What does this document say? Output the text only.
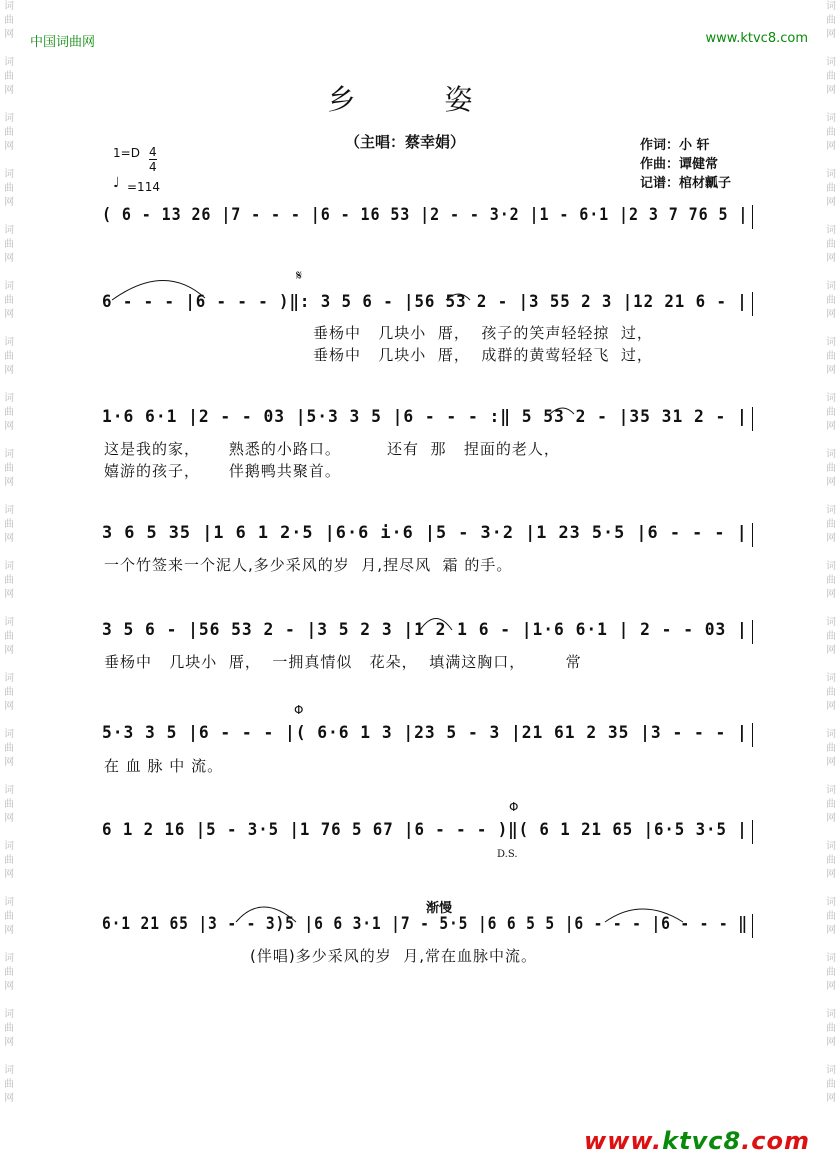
词
曲
网
词
曲
网
词
曲
网
词
曲
网
词
曲
网
词
曲
网
词
曲
网
词
曲
网
词
曲
网
词
曲
网
词
曲
网
词
曲
网
词
曲
网
词
曲
网
词
曲
网
词
曲
网
词
曲
网
词
曲
网
词
曲
网
词
曲
网
词
曲
网
词
曲
网
词
曲
网
词
曲
网
词
曲
网
词
曲
网
词
曲
网
词
曲
网
词
曲
网
词
曲
网
词
曲
网
词
曲
网
词
曲
网
词
曲
网
词
曲
网
词
曲
网
词
曲
网
词
曲
网
词
曲
网
词
曲
网
中国词曲网	www.ktvc8.com
乡 姿
（主唱：蔡幸娟）	作词：小 轩
作曲：谭健常
记谱：棺材瓤子
$1=D \frac{4}{4}$
♩ =114
( 6 - 13 26 |7 - - - |6 - 16 53 |2 - - 3·2 |1 - 6·1 |2 3 7 76 5 |
6 - - - |6 - - - )‖: 3 5 6 - |56 53 2 - |3 55 2 3 |12 21 6 - |
垂杨中   几块小  厝，  孩子的笑声轻轻掠  过，
垂杨中   几块小  厝，  成群的黄莺轻轻飞  过，
1·6 6·1 |2 - - 03 |5·3 3 5 |6 - - - :‖ 5 53 2 - |35 31 2 - |
这是我的家，     熟悉的小路口。        还有  那   捏面的老人，
嬉游的孩子，     伴鹅鸭共聚首。
3 6 5 35 |1 6 1 2·5 |6·6 i·6 |5 - 3·2 |1 23 5·5 |6 - - - |
一个竹签来一个泥人,多少采风的岁  月,捏尽风  霜 的手。
3 5 6 - |56 53 2 - |3 5 2 3 |1 2 1 6 - |1·6 6·1 | 2 - - 03 |
垂杨中   几块小  厝，  一拥真情似   花朵，  填满这胸口，       常
5·3 3 5 |6 - - - |( 6·6 1 3 |23 5 - 3 |21 61 2 35 |3 - - - |
在 血 脉 中 流。
6 1 2 16 |5 - 3·5 |1 76 5 67 |6 - - - )‖( 6 1 21 65 |6·5 3·5 |
6·1 21 65 |3 - - 3)5 |6 6 3·1 |7 - 5·5 |6 6 5 5 |6 - - - |6 - - - ‖
(伴唱)多少采风的岁  月,常在血脉中流。
𝄋
Φ
Φ
D.S.
渐慢
www.ktvc8.com
